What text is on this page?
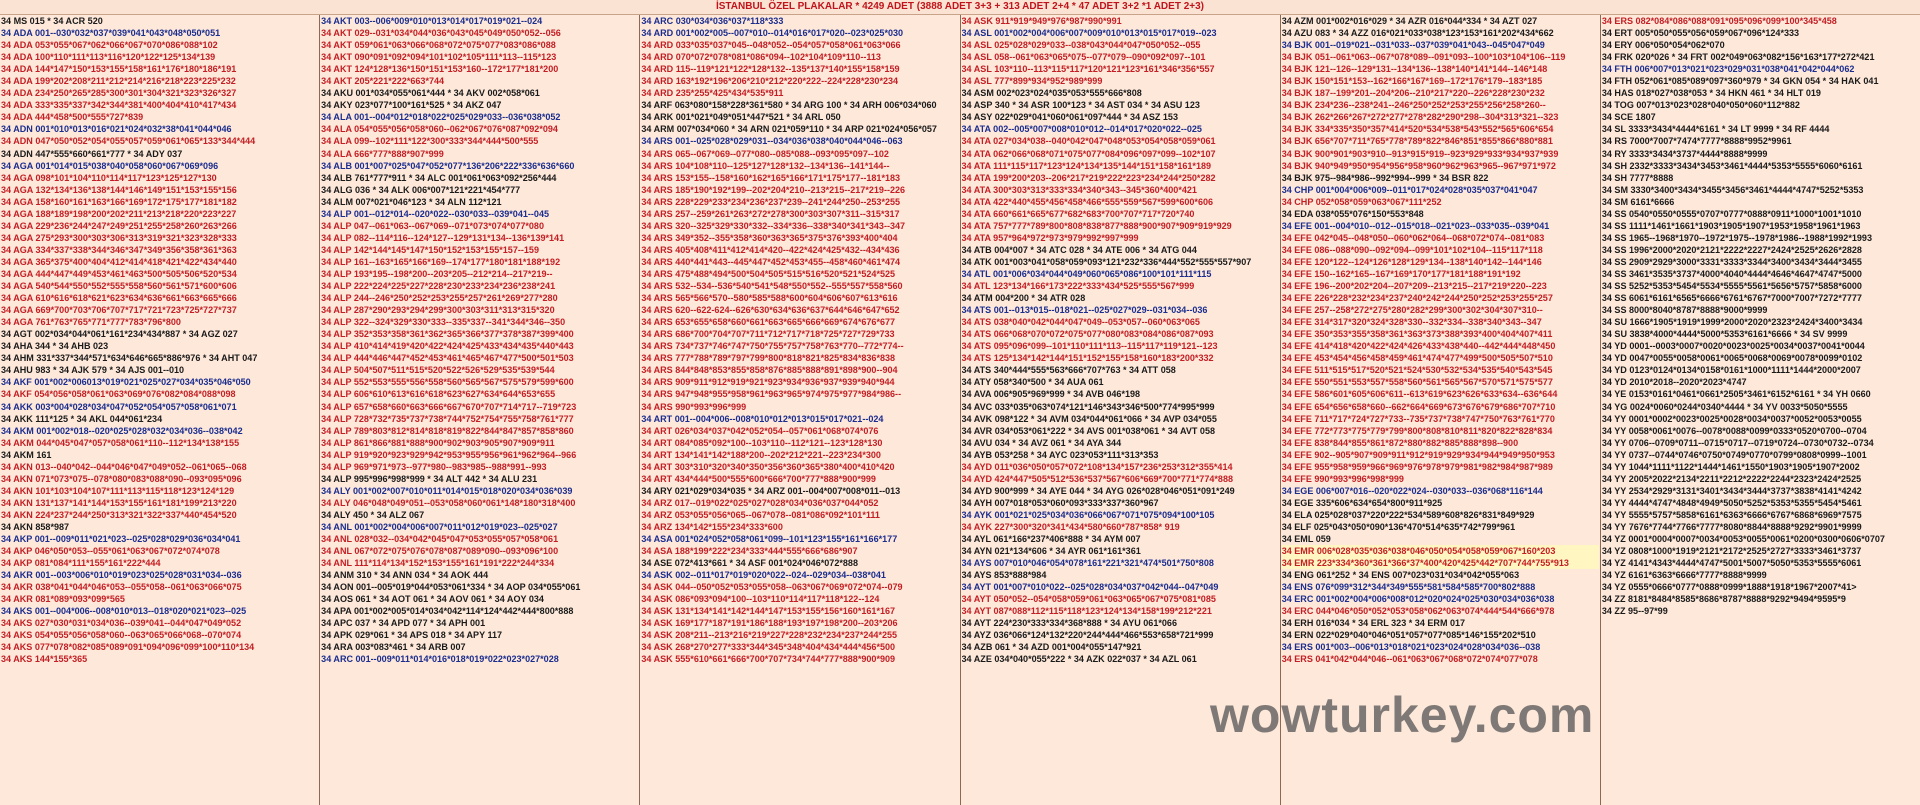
İSTANBUL ÖZEL PLAKALAR * 4249 ADET (3888 ADET 3+3 + 313 ADET 2+4 * 47 ADET 3+2 *1 ADET 2+3)
34 MS 015 * 34 ACR 520
34 ADA 001--030*032*037*039*041*043*048*050*051
34 ADA 053*055*067*062*066*067*070*086*088*102
34 ADA 100*110*111*113*116*120*122*125*134*139
34 ADA 144*147*150*153*155*158*161*176*180*186*191
34 ADA 199*202*208*211*212*214*216*218*223*225*232
34 ADA 234*250*265*285*300*301*304*321*323*326*327
34 ADA 333*335*337*342*344*381*400*404*410*417*434
34 ADA 444*458*500*555*727*839
34 ADN 001*010*013*016*021*024*032*38*041*044*046
34 ADN 047*050*052*054*055*057*059*061*065*133*344*444
34 ADN 447*555*660*661*777 * 34 ADY 037
34 AGA 001*014*015*038*040*058*060*067*069*096
34 AGA 098*101*104*110*114*117*123*125*127*130
34 AGA 132*134*136*138*144*146*149*151*153*155*156
34 AGA 158*160*161*163*166*169*172*175*177*181*182
34 AGA 188*189*198*200*202*211*213*218*220*223*227
34 AGA 229*236*244*247*249*251*255*258*260*263*266
34 AGA 275*293*300*303*306*313*319*321*323*328*333
34 AGA 334*337*338*344*346*347*349*356*358*361*363
34 AGA 365*375*400*404*412*414*418*421*422*434*440
34 AGA 444*447*449*453*461*463*500*505*506*520*534
34 AGA 540*544*550*552*555*558*560*561*571*600*606
34 AGA 610*616*618*621*623*634*636*661*663*665*666
34 AGA 669*700*703*706*707*717*721*723*725*727*737
34 AGA 761*763*765*771*777*783*796*800
34 AGT 002*034*044*061*161*234*434*887 * 34 AGZ 027
34 AHA 344 * 34 AHB 023
34 AHM 331*337*344*571*634*646*665*886*976 * 34 AHT 047
34 AHU 983 * 34 AJK 579 * 34 AJS 001--010
34 AKF 001*002*006013*019*021*025*027*034*035*046*050
34 AKF 054*056*058*061*063*069*076*082*084*088*098
34 AKK 003*004*028*034*047*052*054*057*058*061*071
34 AKK 111*125 * 34 AKL 044*061*234
34 AKM 001*002*018--020*025*028*032*034*036--038*042
34 AKM 044*045*047*057*058*061*110--112*134*138*155
34 AKM 161
34 AKN 013--040*042--044*046*047*049*052--061*065--068
34 AKN 071*073*075--078*080*083*088*090--093*095*096
34 AKN 101*103*104*107*111*113*115*118*123*124*129
34 AKN 131*137*141*144*153*155*161*181*199*213*220
34 AKN 224*237*244*250*313*321*322*337*440*454*520
34 AKN 858*987
34 AKP 001--009*011*021*023--025*028*029*036*034*041
34 AKP 046*050*053--055*061*063*067*072*074*078
34 AKP 081*084*111*155*161*222*444
34 AKR 001--003*006*010*019*023*025*028*031*034--036
34 AKR 038*041*044*046*053--055*058--061*063*066*075
34 AKR 081*089*093*099*565
34 AKS 001--004*006--008*010*013--018*020*021*023--025
34 AKS 027*030*031*034*036--039*041--044*047*049*052
34 AKS 054*055*056*058*060--063*065*066*068--070*074
34 AKS 077*078*082*085*089*091*094*096*099*100*110*134
34 AKS 144*155*365
34 AKT 003--006*009*010*013*014*017*019*021--024
34 AKT 029--031*034*044*036*043*045*049*050*052--056
34 AKT 059*061*063*066*068*072*075*077*083*086*088
34 AKT 090*091*092*094*101*102*105*111*113--115*123
34 AKT 124*128*136*150*151*153*160--172*177*181*200
34 AKT 205*221*222*663*744
34 AKU 001*034*055*061*444 * 34 AKV 002*058*061
34 AKY 023*077*100*161*525 * 34 AKZ 047
34 ALA 001--004*012*018*022*025*029*033--036*038*052
34 ALA 054*055*056*058*060--062*067*076*087*092*094
34 ALA 099--102*111*122*300*333*344*444*500*555
34 ALA 666*777*888*907*999
34 ALB 001*007*025*047*052*077*136*206*222*336*636*660
34 ALB 761*777*911 * 34 ALC 001*061*063*092*256*444
34 ALG 036 * 34 ALK 006*007*121*221*454*777
34 ALM 007*021*046*123 * 34 ALN 112*121
34 ALP 001--012*014--020*022--030*033--039*041--045
34 ALP 047--061*063--067*069--071*073*074*077*080
34 ALP 082--114*116--124*127--129*131*134--136*139*141
34 ALP 142*144*145*147*150*152*153*155*157--159
34 ALP 161--163*165*166*169--174*177*180*181*188*192
34 ALP 193*195--198*200--203*205--212*214--217*219--
34 ALP 222*224*225*227*228*230*233*234*236*238*241
34 ALP 244--246*250*252*253*255*257*261*269*277*280
34 ALP 287*290*293*294*299*300*303*311*313*315*320
34 ALP 322--324*329*330*333--335*337--341*344*346--350
34 ALP 352*353*358*361*362*365*366*377*378*387*399*400
34 ALP 410*414*419*420*422*424*425*433*434*435*440*443
34 ALP 444*446*447*452*453*461*465*467*477*500*501*503
34 ALP 504*507*511*515*520*522*526*529*535*539*544
34 ALP 552*553*555*556*558*560*565*567*575*579*599*600
34 ALP 606*610*613*616*618*623*627*634*644*653*655
34 ALP 657*658*660*663*666*667*670*707*714*717--719*723
34 ALP 728*732*735*737*738*744*752*754*755*758*761*777
34 ALP 789*803*812*814*818*819*822*844*847*857*858*860
34 ALP 861*866*881*888*900*902*903*905*907*909*911
34 ALP 919*920*923*929*942*953*955*956*961*962*964--966
34 ALP 969*971*973--977*980--983*985--988*991--993
34 ALP 995*996*998*999 * 34 ALT 442 * 34 ALU 231
34 ALY 001*002*007*010*011*014*015*018*020*034*036*039
34 ALY 046*048*049*051--053*058*060*061*148*180*318*400
34 ALY 450 * 34 ALZ 067
34 ANL 001*002*004*006*007*011*012*019*023--025*027
34 ANL 028*032--034*042*045*047*053*055*057*058*061
34 ANL 067*072*075*076*078*087*089*090--093*096*100
34 ANL 111*114*134*152*153*155*161*191*222*244*334
34 ANM 310 * 34 ANN 034 * 34 AOK 444
34 AON 001--005*019*044*053*061*334 * 34 AOP 034*055*061
34 AOS 061 * 34 AOT 061 * 34 AOV 061 * 34 AOY 034
34 APA 001*002*005*014*034*042*114*124*442*444*800*888
34 APC 037 * 34 APD 077 * 34 APH 001
34 APK 029*061 * 34 APS 018 * 34 APY 117
34 ARA 003*083*461 * 34 ARB 007
34 ARC 001--009*011*014*016*018*019*022*023*027*028
34 ARC 030*034*036*037*118*333
34 ARD 001*002*005--007*010--014*016*017*020--023*025*030
34 ARD 033*035*037*045--048*052--054*057*058*061*063*066
34 ARD 070*072*078*081*086*094--102*104*109*110--113
34 ARD 115--119*121*122*128*132--135*137*140*155*158*159
34 ARD 163*192*196*206*210*212*220*222--224*228*230*234
34 ARD 235*255*425*434*535*911
34 ARF 063*080*158*228*361*580 * 34 ARG 100 * 34 ARH 006*034*060
34 ARK 001*021*049*051*447*521 * 34 ARL 050
34 ARM 007*034*060 * 34 ARN 021*059*110 * 34 ARP 021*024*056*057
34 ARS 001--025*028*029*031--034*036*038*040*044*046--063
34 ARS 065--067*069--077*080--085*088--093*095*097--102
34 ARS 104*108*110--125*127*128*132--134*136--141*144--
34 ARS 153*155--158*160*162*165*166*171*175*177--181*183
34 ARS 185*190*192*199--202*204*210--213*215--217*219--226
34 ARS 228*229*233*234*236*237*239--241*244*250--253*255
34 ARS 257--259*261*263*272*278*300*303*307*311--315*317
34 ARS 320--325*329*330*332--334*336--338*340*341*343--347
34 ARS 349*352--355*358*360*363*365*375*376*393*400*404
34 ARS 405*408*411*412*414*420--422*424*425*432--434*436
34 ARS 440*441*443--445*447*452*453*455--458*460*461*474
34 ARS 475*488*494*500*504*505*515*516*520*521*524*525
34 ARS 532--534--536*540*541*548*550*552--555*557*558*560
34 ARS 565*566*570--580*585*588*600*604*606*607*613*616
34 ARS 620--622-624--626*630*634*636*637*644*646*647*652
34 ARS 653*655*658*660*661*663*665*666*669*674*676*677
34 ARS 686*700*704*707*711*712*717*718*725*727*729*733
34 ARS 734*737*746*747*750*755*757*758*763*770--772*774--
34 ARS 777*788*789*797*799*800*818*821*825*834*836*838
34 ARS 844*848*853*855*858*876*885*888*891*898*900--904
34 ARS 909*911*912*919*921*923*934*936*937*939*940*944
34 ARS 947*948*955*958*961*963*965*974*975*977*984*986--
34 ARS 990*993*996*999
34 ART 001--004*006--008*010*012*013*015*017*021--024
34 ART 026*034*037*042*052*054--057*061*068*074*076
34 ART 084*085*092*100--103*110--112*121--123*128*130
34 ART 134*141*142*188*200--202*212*221--223*234*300
34 ART 303*310*320*340*350*356*360*365*380*400*410*420
34 ART 434*444*500*555*600*666*700*777*888*900*999
34 ARY 021*029*034*035 * 34 ARZ 001--004*007*008*011--013
34 ARZ 017--019*022*025*027*028*034*036*037*044*052
34 ARZ 053*055*056*065--067*078--081*086*092*101*111
34 ARZ 134*142*155*234*333*600
34 ASA 001*024*052*058*061*099--101*123*155*161*166*177
34 ASA 188*199*222*234*333*444*555*666*686*907
34 ASE 072*413*661 * 34 ASF 001*024*046*072*888
34 ASK 002--011*017*019*020*022--024--029*034--038*041
34 ASK 044--050*052*053*055*058--063*067*069*072*074--079
34 ASK 086*093*094*100--103*110*114*117*118*122--124
34 ASK 131*134*141*142*144*147*153*155*156*160*161*167
34 ASK 169*177*187*191*186*188*193*197*198*200--203*206
34 ASK 208*211--213*216*219*227*228*232*234*237*244*255
34 ASK 268*270*277*333*344*345*348*404*434*444*456*500
34 ASK 555*610*661*666*700*707*734*744*777*888*900*909
34 ASK 911*919*949*976*987*990*991
34 ASL 001*002*004*006*007*009*010*013*015*017*019--023
34 ASL 025*028*029*033--038*043*044*047*050*052--055
34 ASL 058--061*063*065*075--077*079--090*092*097--101
34 ASL 103*110--113*115*117*120*121*123*161*346*356*557
34 ASL 777*899*934*952*989*999
34 ASM 002*023*024*035*053*555*666*808
34 ASP 340 * 34 ASR 100*123 * 34 AST 034 * 34 ASU 123
34 ASY 022*029*041*060*061*097*444 * 34 ASZ 153
34 ATA 002--005*007*008*010*012--014*017*020*022--025
34 ATA 027*034*038--040*042*047*048*053*054*058*059*061
34 ATA 062*066*068*071*075*077*084*096*097*099--102*107
34 ATA 111*115*117*123*124*134*135*144*151*158*161*189
34 ATA 199*200*203--206*217*219*222*223*234*244*250*282
34 ATA 300*303*313*333*334*340*343--345*360*400*421
34 ATA 422*440*455*456*458*466*555*559*567*599*600*606
34 ATA 660*661*665*677*682*683*700*707*717*720*740
34 ATA 757*777*789*800*808*838*877*888*900*907*909*919*929
34 ATA 957*964*972*973*979*992*997*999
34 ATB 004*007 * 34 ATC 028 * 34 ATE 006 * 34 ATG 044
34 ATK 001*003*041*058*059*093*121*232*336*444*552*555*557*907
34 ATL 001*006*034*044*049*060*065*086*100*101*111*115
34 ATL 123*134*166*173*222*333*434*525*555*567*999
34 ATM 004*200 * 34 ATR 028
34 ATS 001--013*015--018*021--025*027*029--031*034--036
34 ATS 038*040*042*044*047*049--053*057--060*063*065
34 ATS 066*068*070*072*075*077*080*083*084*086*087*093
34 ATS 095*096*099--101*110*111*113--115*117*119*121--123
34 ATS 125*134*142*144*151*152*155*158*160*183*200*332
34 ATS 340*444*555*563*666*707*763 * 34 ATT 058
34 ATY 058*340*500 * 34 AUA 061
34 AVA 006*905*969*999 * 34 AVB 046*198
34 AVC 033*035*063*074*121*146*343*346*500*774*995*999
34 AVK 098*122 * 34 AVM 034*044*061*066 * 34 AVP 034*055
34 AVR 034*053*061*222 * 34 AVS 001*038*061 * 34 AVT 058
34 AVU 034 * 34 AVZ 061 * 34 AYA 344
34 AYB 053*258 * 34 AYC 023*053*111*313*353
34 AYD 011*036*050*057*072*108*134*157*236*253*312*355*414
34 AYD 424*447*505*512*536*537*567*606*669*700*771*774*888
34 AYD 900*999 * 34 AYE 044 * 34 AYG 026*028*046*051*091*249
34 AYH 007*018*053*060*093*333*337*360*967
34 AYK 001*021*025*034*036*066*067*071*075*094*100*105
34 AYK 227*300*320*341*434*580*660*787*858* 919
34 AYL 061*166*237*406*888 * 34 AYM 007
34 AYN 021*134*606 * 34 AYR 061*161*361
34 AYS 007*010*046*054*078*161*221*321*474*501*750*808
34 AYS 853*888*984
34 AYT 001*007*010*022--025*028*034*037*042*044--047*049
34 AYT 050*052--054*058*059*061*063*065*067*075*081*085
34 AYT 087*088*112*115*118*123*124*134*158*199*212*221
34 AYT 224*230*333*334*368*888 * 34 AYU 061*066
34 AYZ 036*066*124*132*220*244*444*466*553*658*721*999
34 AZB 061 * 34 AZD 001*004*055*147*921
34 AZE 034*040*055*222 * 34 AZK 022*037 * 34 AZL 061
34 AZM 001*002*016*029 * 34 AZR 016*044*334 * 34 AZT 027
34 AZU 083 * 34 AZZ 016*021*033*038*123*153*161*202*434*662
34 BJK 001--019*021--031*033--037*039*041*043--045*047*049
34 BJK 051--061*063--067*078*089--091*093--100*103*104*106--119
34 BJK 121--126--129*131--134*136--138*140*141*144--146*148
34 BJK 150*151*153--162*166*167*169--172*176*179--183*185
34 BJK 187--199*201--204*206--210*217*220--226*228*230*232
34 BJK 234*236--238*241--246*250*252*253*255*256*258*260--
34 BJK 262*266*267*272*277*278*282*290*298--304*313*321--323
34 BJK 334*335*350*357*414*520*534*538*543*552*565*606*654
34 BJK 656*707*711*765*778*789*822*846*851*855*866*880*881
34 BJK 900*901*903*910--913*915*919--923*929*933*934*937*939
34 BJK 940*949*950*954*956*958*960*962*963*965--967*971*972
34 BJK 975--984*986--992*994--999 * 34 BSR 822
34 CHP 001*004*006*009--011*017*024*028*035*037*041*047
34 CHP 052*058*059*063*067*111*252
34 EDA 038*055*076*150*553*848
34 EFE 001--004*010--012--015*018--021*023--033*035--039*041
34 EFE 042*045--048*050--060*062*064--068*072*074--081*083
34 EFE 086--088*090--092*094--099*101*102*104--115*117*118
34 EFE 120*122--124*126*128*129*134--138*140*142--144*146
34 EFE 150--162*165--167*169*170*177*181*188*191*192
34 EFE 196--200*202*204--207*209--213*215--217*219*220--223
34 EFE 226*228*232*234*237*240*242*244*250*252*253*255*257
34 EFE 257--258*272*275*280*282*299*300*302*304*307*310--
34 EFE 314*317*320*324*328*330--332*334--338*340*343--347
34 EFE 350*353*355*358*361*363*373*388*393*400*404*407*411
34 EFE 414*418*420*422*424*426*433*438*440--442*444*448*450
34 EFE 453*454*456*458*459*461*474*477*499*500*505*507*510
34 EFE 511*515*517*520*521*524*530*532*534*535*540*543*545
34 EFE 550*551*553*557*558*560*561*565*567*570*571*575*577
34 EFE 586*601*605*606*611--613*619*623*626*633*634--636*644
34 EFE 654*656*658*660--662*664*669*673*676*679*686*707*710
34 EFE 711*717*724*727*733--735*737*738*747*750*763*761*770
34 EFE 772*773*775*779*799*800*808*810*811*820*822*828*834
34 EFE 838*844*855*861*872*880*882*885*888*898--900
34 EFE 902--905*907*909*911*912*919*929*934*944*949*950*953
34 EFE 955*958*959*966*969*976*978*979*981*982*984*987*989
34 EFE 990*993*996*998*999
34 EGE 006*007*016--020*022*024--030*033--036*068*116*144
34 EGE 335*606*634*654*800*911*925
34 ELA 025*028*037*220*222*534*589*608*826*831*849*929
34 ELF 025*043*050*090*136*470*514*635*742*799*961
34 EML 059
34 EMR 006*028*035*036*038*046*050*054*058*059*067*160*203
34 EMR 223*334*360*361*366*37*400*420*425*442*707*744*755*913
34 ENG 061*252 * 34 ENS 007*023*031*034*042*055*063
34 ENS 076*099*312*344*349*555*581*584*585*700*802*888
34 ERC 001*002*004*006*008*012*020*024*025*030*034*036*038
34 ERC 044*046*050*052*053*058*062*063*074*444*544*666*978
34 ERH 016*034 * 34 ERL 323 * 34 ERM 017
34 ERN 022*029*040*046*051*057*077*085*146*155*202*510
34 ERS 001*003--006*013*018*021*023*024*028*034*036--038
34 ERS 041*042*044*046--061*063*067*068*072*074*077*078
34 ERS 082*084*086*088*091*095*096*099*100*345*458
34 ERT 005*050*055*056*059*067*096*124*333
34 ERY 006*050*054*062*070
34 FRK 020*026 * 34 FRT 002*049*063*082*156*163*177*272*421
34 FTH 006*007*013*021*023*029*031*038*041*042*044*062
34 FTH 052*061*085*089*097*360*979 * 34 GKN 054 * 34 HAK 041
34 HAS 018*027*038*053 * 34 HKN 461 * 34 HLT 019
34 TOG 007*013*023*028*040*050*060*112*882
34 SCE 1807
34 SL 3333*3434*4444*6161 * 34 LT 9999 * 34 RF 4444
34 RS 7000*7007*7474*7777*8888*9952*9961
34 RY 3333*3434*3737*4444*8888*9999
34 SH 2332*3333*3434*3453*3461*4444*5353*5555*6060*6161
34 SH 7777*8888
34 SM 3330*3400*3434*3455*3456*3461*4444*4747*5252*5353
34 SM 6161*6666
34 SS 0540*0550*0555*0707*0777*0888*0911*1000*1001*1010
34 SS 1111*1461*1661*1903*1905*1907*1953*1958*1961*1963
34 SS 1965--1968*1970--1972*1975--1978*1986--1988*1992*1993
34 SS 1996*2000*2020*2121*2222*2227*2424*2525*2626*2828
34 SS 2909*2929*3000*3331*3333*3344*3400*3434*3444*3455
34 SS 3461*3535*3737*4000*4040*4444*4646*4647*4747*5000
34 SS 5252*5353*5454*5534*5555*5561*5656*5757*5858*6000
34 SS 6061*6161*6565*6666*6761*6767*7000*7007*7272*7777
34 SS 8000*8040*8787*8888*9000*9999
34 SU 1666*1905*1919*1999*2000*2020*2323*2424*3400*3434
34 SU 3838*4000*4444*5000*5353*6161*6666 * 34 SV 9999
34 YD 0001--0003*0007*0020*0023*0025*0034*0037*0041*0044
34 YD 0047*0055*0058*0061*0065*0068*0069*0078*0099*0102
34 YD 0123*0124*0134*0158*0161*1000*1111*1444*2000*2007
34 YD 2010*2018--2020*2023*4747
34 YE 0153*0161*0461*0661*2505*3461*6152*6161 * 34 YH 0660
34 YG 0024*0060*0244*0340*4444 * 34 YV 0033*5050*5555
34 YY 0001*0002*0023*0025*0028*0034*0037*0052*0053*0055
34 YY 0058*0061*0076--0078*0088*0099*0333*0520*0700--0704
34 YY 0706--0709*0711--0715*0717--0719*0724--0730*0732--0734
34 YY 0737--0744*0746*0750*0749*0770*0799*0808*0999--1001
34 YY 1044*1111*1122*1444*1461*1550*1903*1905*1907*2002
34 YY 2005*2022*2134*2211*2212*2222*2244*2323*2424*2525
34 YY 2534*2929*3131*3401*3434*3444*3737*3838*4141*4242
34 YY 4444*4747*4848*4949*5050*5252*5353*5355*5454*5461
34 YY 5555*5757*5858*6161*6363*6666*6767*6868*6969*7575
34 YY 7676*7744*7766*7777*8080*8844*8888*9292*9901*9999
34 YZ 0001*0004*0007*0034*0053*0055*0061*0200*0300*0606*0707
34 YZ 0808*1000*1919*2121*2172*2525*2727*3333*3461*3737
34 YZ 4141*4343*4444*4747*5001*5007*5050*5353*5555*6061
34 YZ 6161*6363*6666*7777*8888*9999
34 YZ 0555*0666*0777*0888*0999*1888*1918*1967*2007*41>
34 ZZ 8181*8484*8585*8686*8787*8888*9292*9494*9595*9
34 ZZ 95--97*99
wowturkey.com
